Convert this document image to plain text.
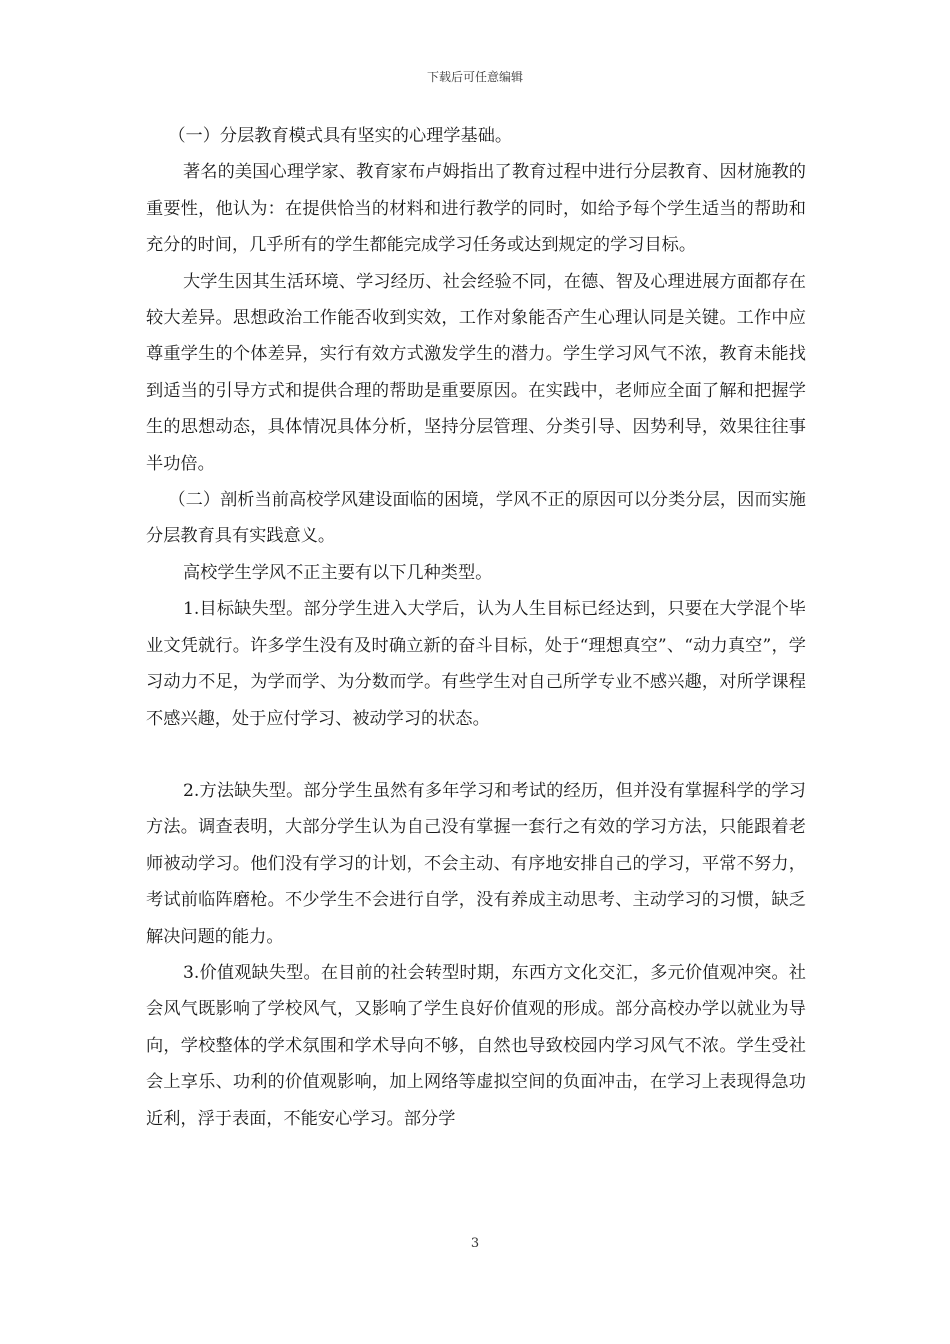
下载后可任意编辑

（一）分层教育模式具有坚实的心理学基础。

著名的美国心理学家、教育家布卢姆指出了教育过程中进行分层教育、因材施教的重要性，他认为：在提供恰当的材料和进行教学的同时，如给予每个学生适当的帮助和充分的时间，几乎所有的学生都能完成学习任务或达到规定的学习目标。

大学生因其生活环境、学习经历、社会经验不同，在德、智及心理进展方面都存在较大差异。思想政治工作能否收到实效，工作对象能否产生心理认同是关键。工作中应尊重学生的个体差异，实行有效方式激发学生的潜力。学生学习风气不浓，教育未能找到适当的引导方式和提供合理的帮助是重要原因。在实践中，老师应全面了解和把握学生的思想动态，具体情况具体分析，坚持分层管理、分类引导、因势利导，效果往往事半功倍。

（二）剖析当前高校学风建设面临的困境，学风不正的原因可以分类分层，因而实施分层教育具有实践意义。

高校学生学风不正主要有以下几种类型。

1.目标缺失型。部分学生进入大学后，认为人生目标已经达到，只要在大学混个毕业文凭就行。许多学生没有及时确立新的奋斗目标，处于“理想真空”、“动力真空”，学习动力不足，为学而学、为分数而学。有些学生对自己所学专业不感兴趣，对所学课程不感兴趣，处于应付学习、被动学习的状态。

2.方法缺失型。部分学生虽然有多年学习和考试的经历，但并没有掌握科学的学习方法。调查表明，大部分学生认为自己没有掌握一套行之有效的学习方法，只能跟着老师被动学习。他们没有学习的计划，不会主动、有序地安排自己的学习，平常不努力，考试前临阵磨枪。不少学生不会进行自学，没有养成主动思考、主动学习的习惯，缺乏解决问题的能力。

3.价值观缺失型。在目前的社会转型时期，东西方文化交汇，多元价值观冲突。社会风气既影响了学校风气，又影响了学生良好价值观的形成。部分高校办学以就业为导向，学校整体的学术氛围和学术导向不够，自然也导致校园内学习风气不浓。学生受社会上享乐、功利的价值观影响，加上网络等虚拟空间的负面冲击，在学习上表现得急功近利，浮于表面，不能安心学习。部分学

3
